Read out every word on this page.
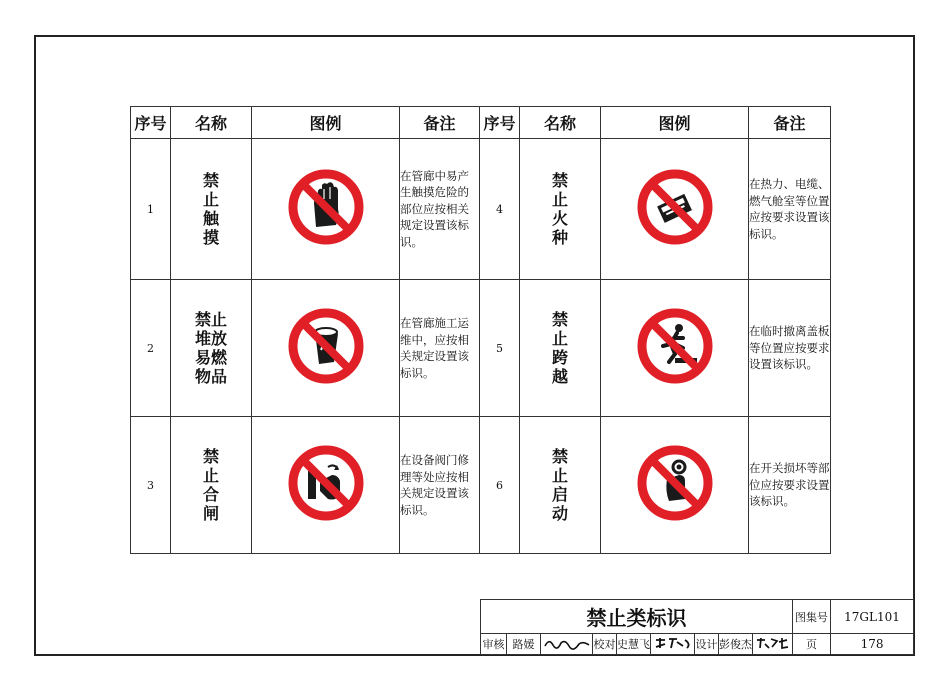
序号	名称	图例	备注	序号	名称	图例	备注
1	禁
止
触
摸		在管廊中易产生触摸危险的部位应按相关规定设置该标识。	4	禁
止
火
种		在热力、电缆、燃气舱室等位置应按要求设置该标识。
2	禁止
堆放
易燃
物品		在管廊施工运维中，应按相关规定设置该标识。	5	禁
止
跨
越		在临时撤离盖板等位置应按要求设置该标识。
3	禁
止
合
闸		在设备阀门修理等处应按相关规定设置该标识。	6	禁
止
启
动		在开关损坏等部位应按要求设置该标识。
禁止类标识									图集号	17GL101
审核	路媛		校对	史慧飞		设计	彭俊杰		页	178
